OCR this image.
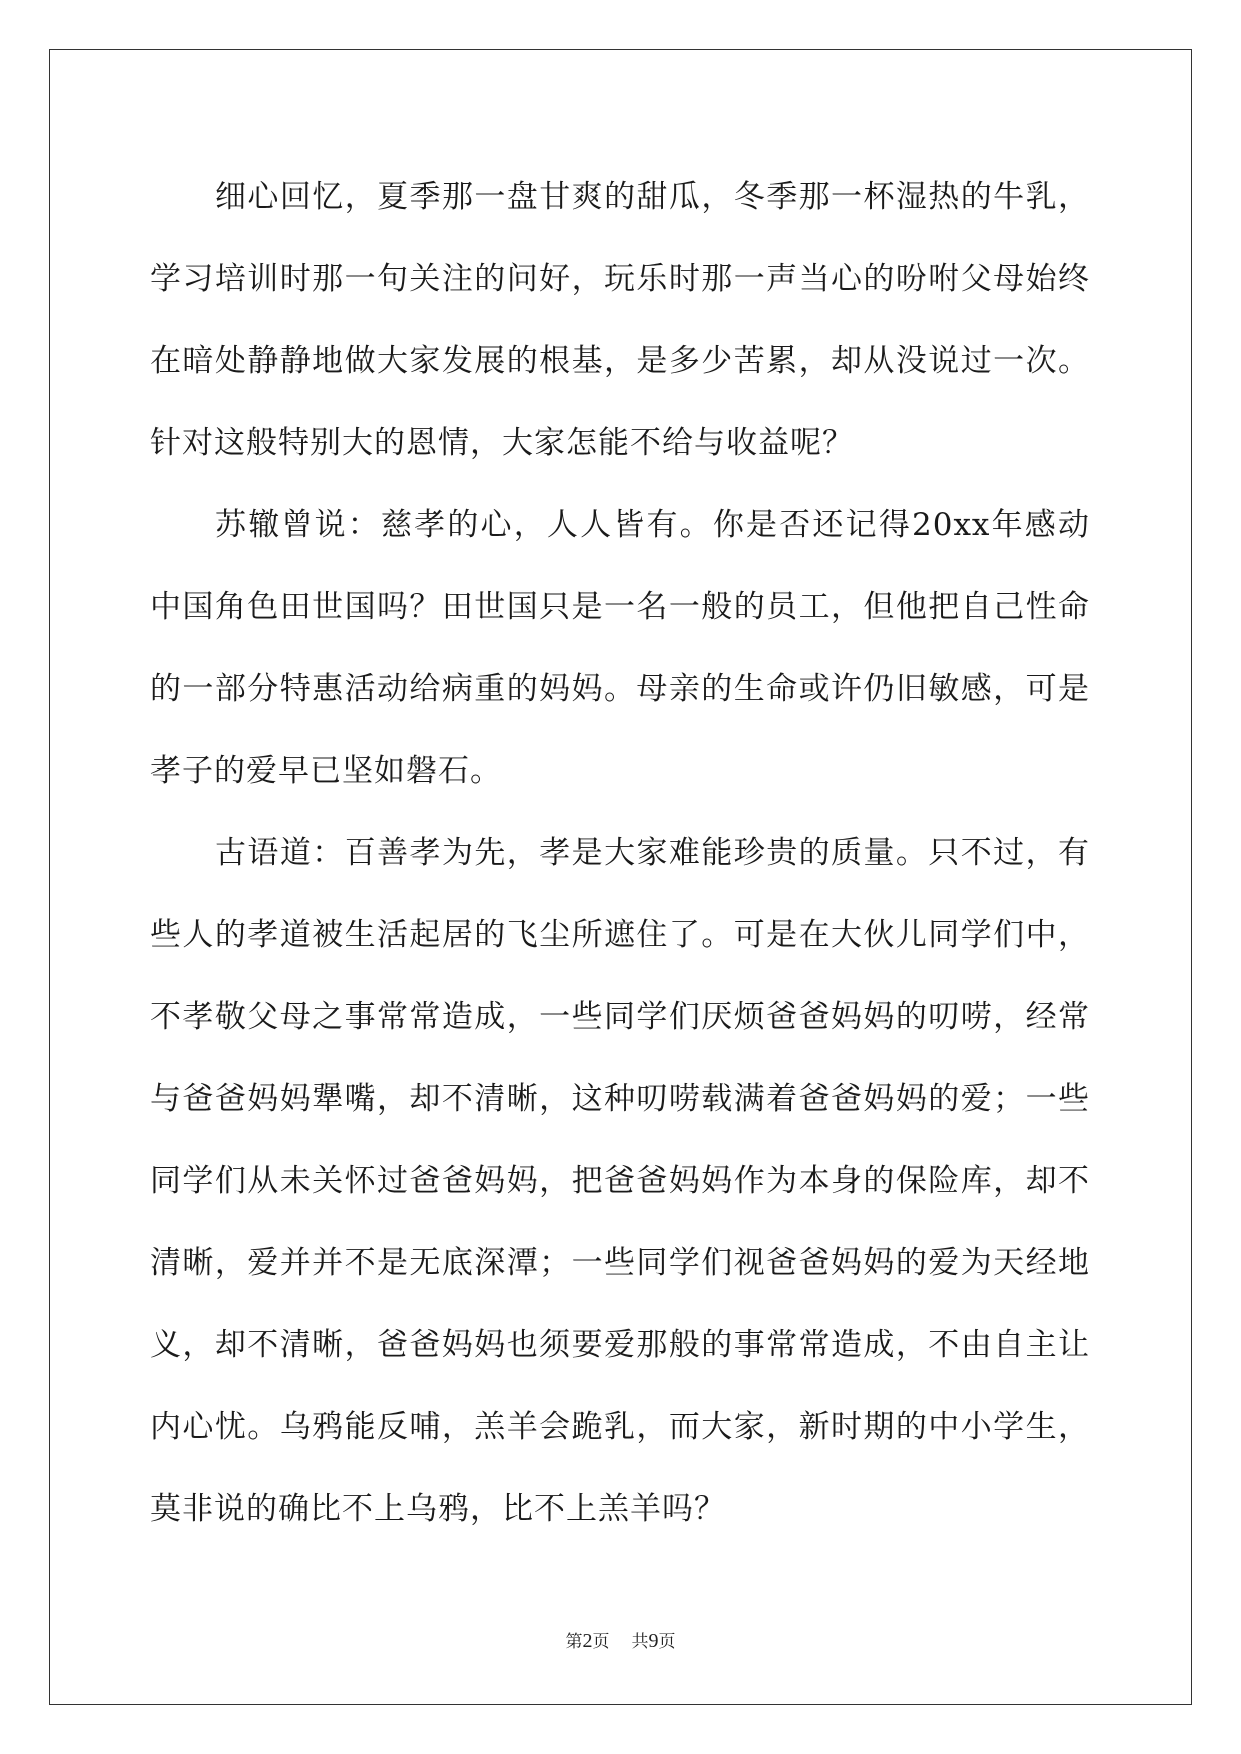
细心回忆，夏季那一盘甘爽的甜瓜，冬季那一杯湿热的牛乳，学习培训时那一句关注的问好，玩乐时那一声当心的吩咐父母始终在暗处静静地做大家发展的根基，是多少苦累，却从没说过一次。针对这般特别大的恩情，大家怎能不给与收益呢？

苏辙曾说：慈孝的心，人人皆有。你是否还记得20xx年感动中国角色田世国吗？田世国只是一名一般的员工，但他把自己性命的一部分特惠活动给病重的妈妈。母亲的生命或许仍旧敏感，可是孝子的爱早已坚如磐石。

古语道：百善孝为先，孝是大家难能珍贵的质量。只不过，有些人的孝道被生活起居的飞尘所遮住了。可是在大伙儿同学们中，不孝敬父母之事常常造成，一些同学们厌烦爸爸妈妈的叨唠，经常与爸爸妈妈犟嘴，却不清晰，这种叨唠载满着爸爸妈妈的爱；一些同学们从未关怀过爸爸妈妈，把爸爸妈妈作为本身的保险库，却不清晰，爱并并不是无底深潭；一些同学们视爸爸妈妈的爱为天经地义，却不清晰，爸爸妈妈也须要爱那般的事常常造成，不由自主让内心忧。乌鸦能反哺，羔羊会跪乳，而大家，新时期的中小学生，莫非说的确比不上乌鸦，比不上羔羊吗？

第2页 共9页
